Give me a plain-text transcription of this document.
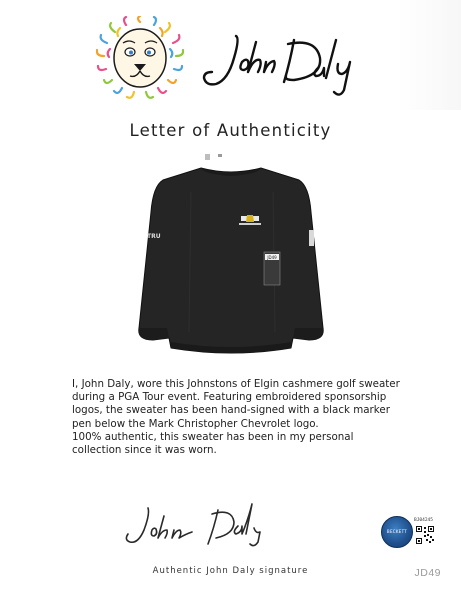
Letter of Authenticity
JD49
TRU

I, John Daly, wore this Johnstons of Elgin cashmere golf sweater during a PGA Tour event. Featuring embroidered sponsorship logos, the sweater has been hand-signed with a black marker pen below the Mark Christopher Chevrolet logo.

100% authentic, this sweater has been in my personal collection since it was worn.

Authentic John Daly signature
BECKETT
BJ04245
JD49
